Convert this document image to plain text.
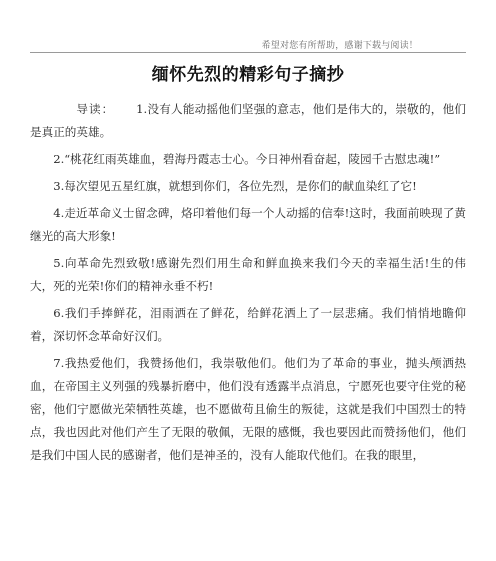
希望对您有所帮助，感谢下载与阅读！
缅怀先烈的精彩句子摘抄

导读： 1.没有人能动摇他们坚强的意志，他们是伟大的，崇敬的，他们是真正的英雄。

2.“桃花红雨英雄血，碧海丹霞志士心。今日神州看奋起，陵园千古慰忠魂!”

3.每次望见五星红旗，就想到你们，各位先烈，是你们的献血染红了它!

4.走近革命义士留念碑，烙印着他们每一个人动摇的信奉!这时，我面前映现了黄继光的高大形象!

5.向革命先烈致敬!感谢先烈们用生命和鲜血换来我们今天的幸福生活!生的伟大，死的光荣!你们的精神永垂不朽!

6.我们手捧鲜花，泪雨洒在了鲜花，给鲜花洒上了一层悲痛。我们悄悄地瞻仰着，深切怀念革命好汉们。

7.我热爱他们，我赞扬他们，我崇敬他们。他们为了革命的事业，抛头颅洒热血，在帝国主义列强的残暴折磨中，他们没有透露半点消息，宁愿死也要守住党的秘密，他们宁愿做光荣牺牲英雄，也不愿做苟且偷生的叛徒，这就是我们中国烈士的特点，我也因此对他们产生了无限的敬佩，无限的感慨，我也要因此而赞扬他们，他们是我们中国人民的感谢者，他们是神圣的，没有人能取代他们。在我的眼里，
